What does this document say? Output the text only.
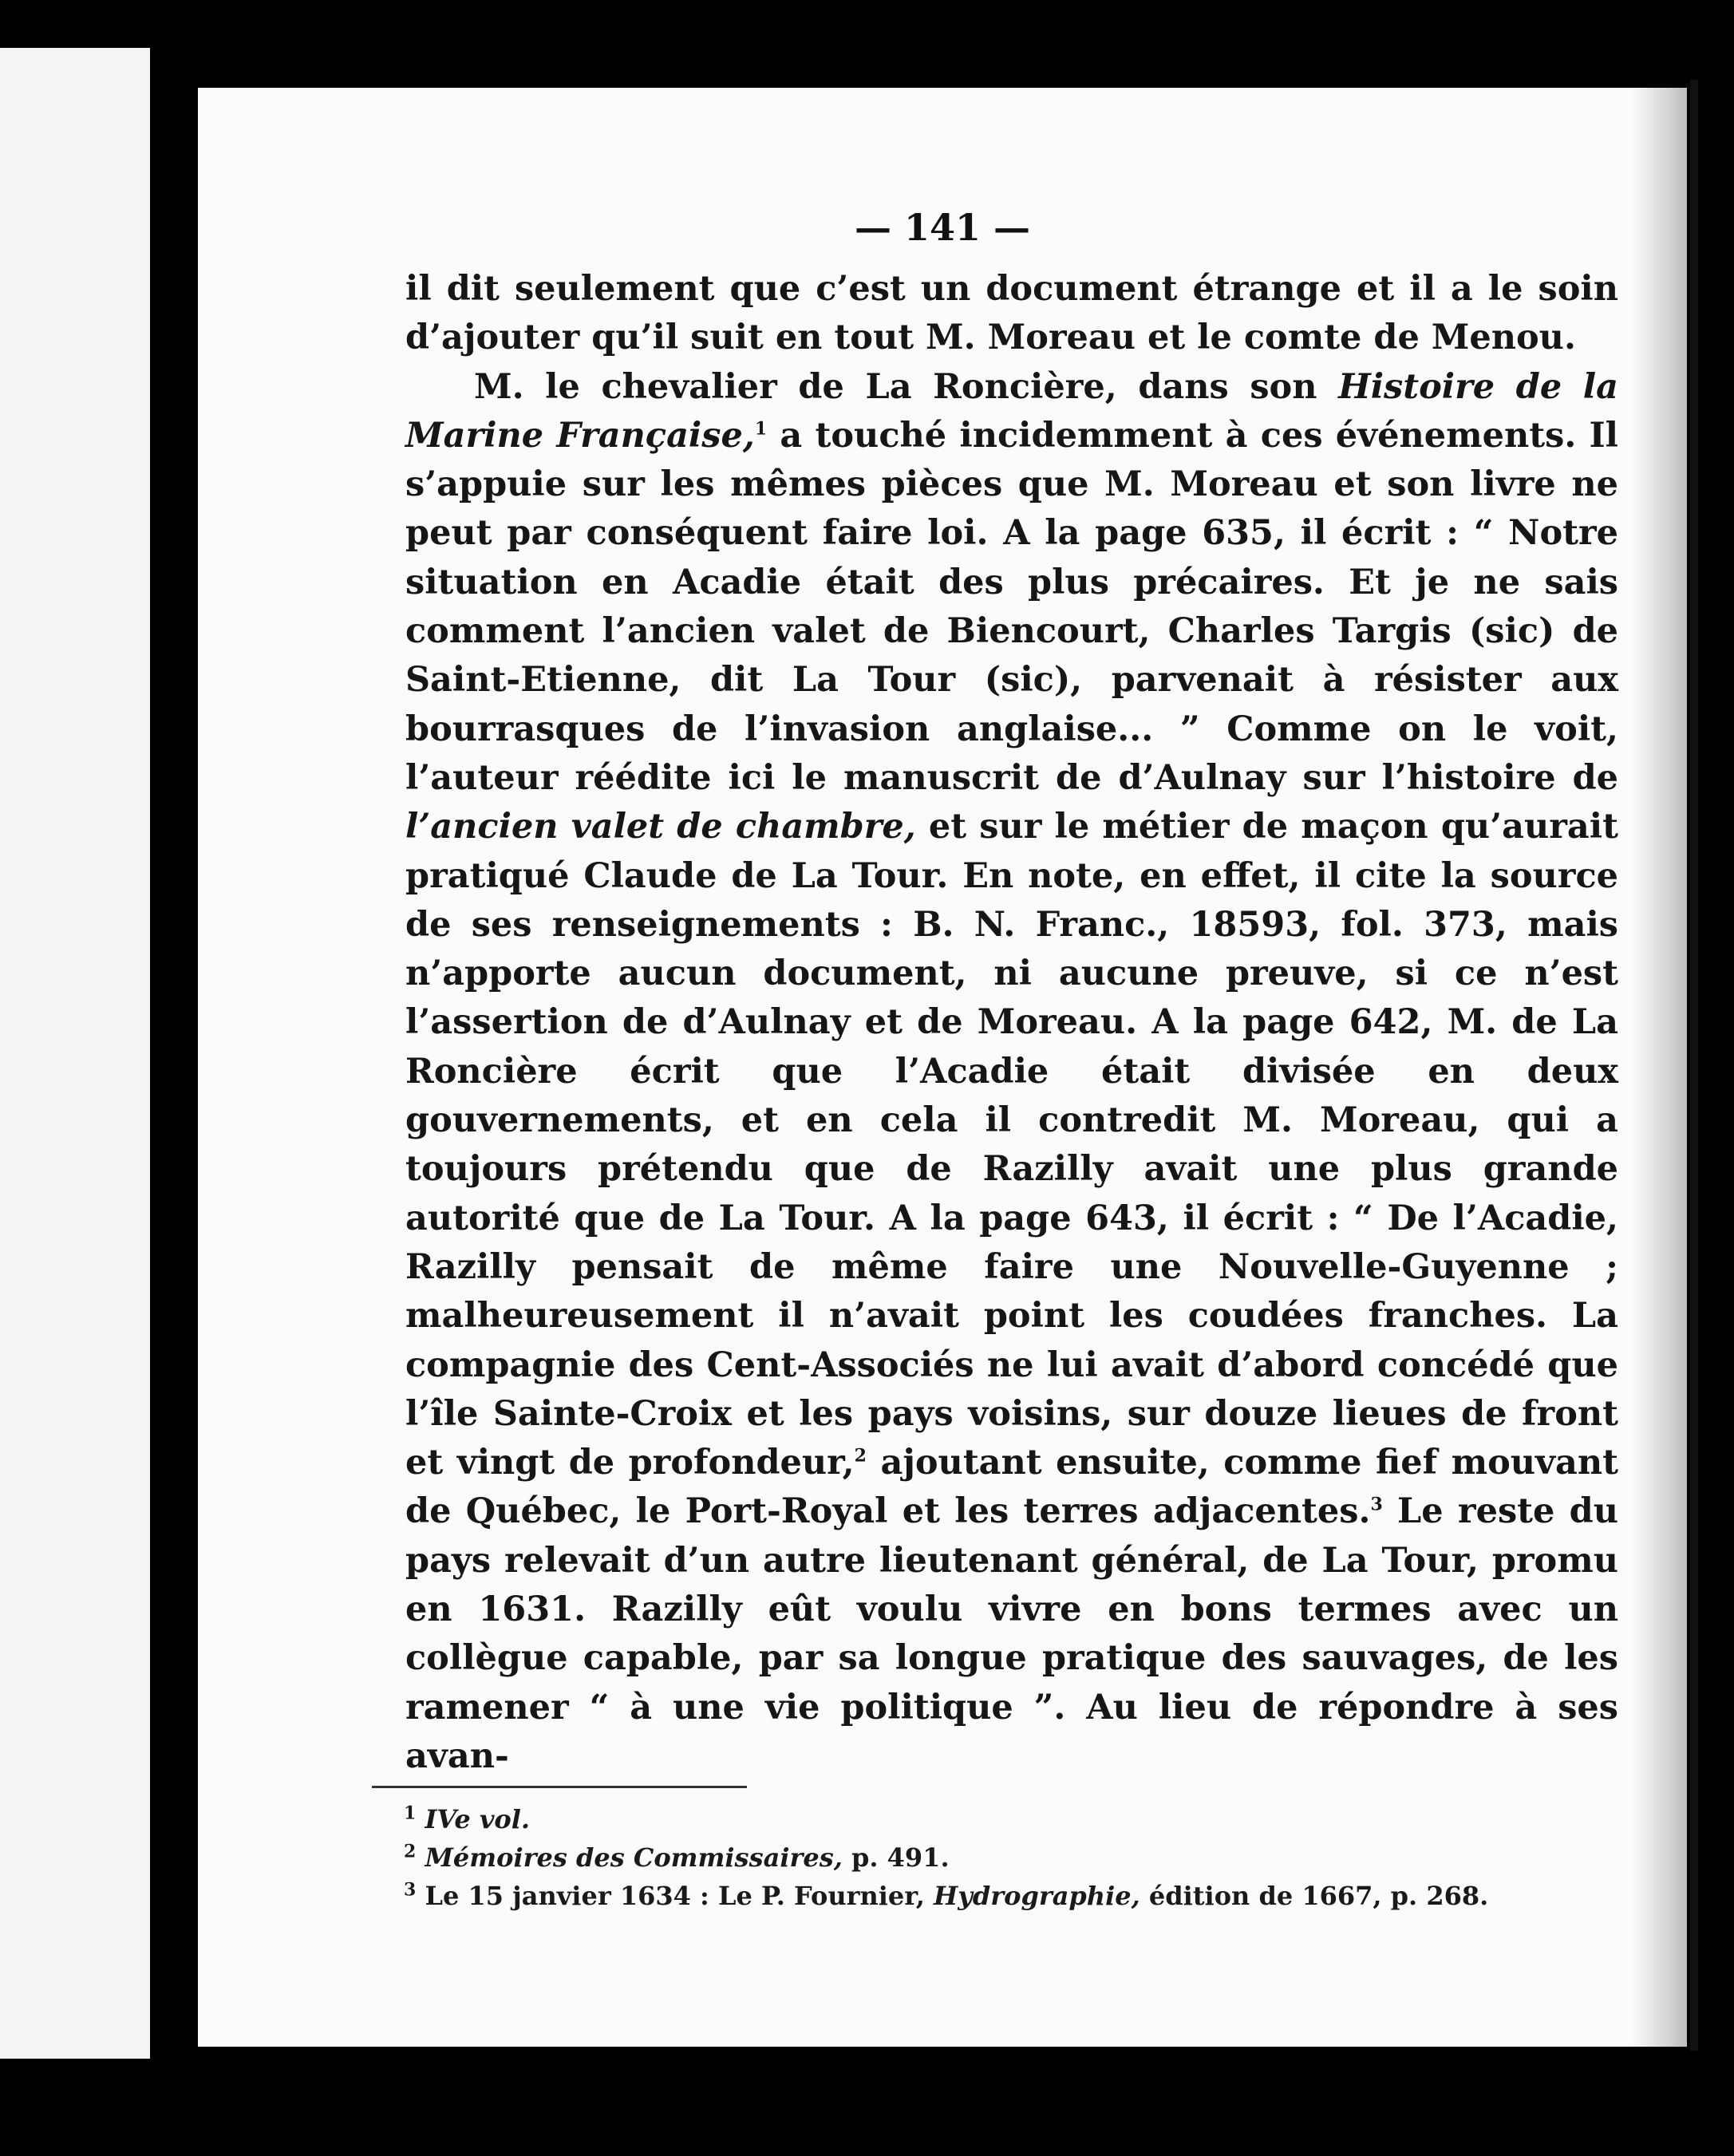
— 141 —

il dit seulement que c’est un document étrange et il a le soin d’ajouter qu’il suit en tout M. Moreau et le comte de Menou.

M. le chevalier de La Roncière, dans son Histoire de la Marine Française,$^1$ a touché incidemment à ces événements. Il s’appuie sur les mêmes pièces que M. Moreau et son livre ne peut par conséquent faire loi. A la page 635, il écrit : “ Notre situation en Acadie était des plus précaires. Et je ne sais comment l’ancien valet de Biencourt, Charles Targis (sic) de Saint-Etienne, dit La Tour (sic), parvenait à résister aux bourrasques de l’invasion anglaise... ” Comme on le voit, l’auteur réédite ici le manuscrit de d’Aulnay sur l’histoire de l’ancien valet de chambre, et sur le métier de maçon qu’aurait pratiqué Claude de La Tour. En note, en effet, il cite la source de ses renseignements : B. N. Franc., 18593, fol. 373, mais n’apporte aucun document, ni aucune preuve, si ce n’est l’assertion de d’Aulnay et de Moreau. A la page 642, M. de La Roncière écrit que l’Acadie était divisée en deux gouvernements, et en cela il contredit M. Moreau, qui a toujours prétendu que de Razilly avait une plus grande autorité que de La Tour. A la page 643, il écrit : “ De l’Acadie, Razilly pensait de même faire une Nouvelle-Guyenne ; malheureusement il n’avait point les coudées franches. La compagnie des Cent-Associés ne lui avait d’abord concédé que l’île Sainte-Croix et les pays voisins, sur douze lieues de front et vingt de profondeur,$^2$ ajoutant ensuite, comme fief mouvant de Québec, le Port-Royal et les terres adjacentes.$^3$ Le reste du pays relevait d’un autre lieutenant général, de La Tour, promu en 1631. Razilly eût voulu vivre en bons termes avec un collègue capable, par sa longue pratique des sauvages, de les ramener “ à une vie politique ”. Au lieu de répondre à ses avan-

$^1$ IVe vol.

$^2$ Mémoires des Commissaires, p. 491.

$^3$ Le 15 janvier 1634 : Le P. Fournier, Hydrographie, édition de 1667, p. 268.
